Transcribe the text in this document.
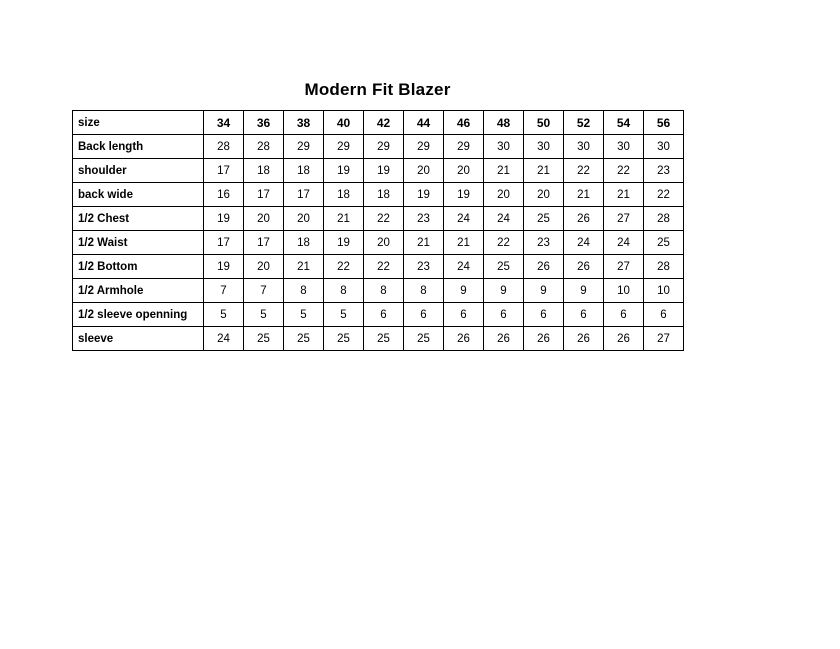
Modern Fit Blazer
size	34	36	38	40	42	44	46	48	50	52	54	56
Back length	28	28	29	29	29	29	29	30	30	30	30	30
shoulder	17	18	18	19	19	20	20	21	21	22	22	23
back wide	16	17	17	18	18	19	19	20	20	21	21	22
1/2 Chest	19	20	20	21	22	23	24	24	25	26	27	28
1/2 Waist	17	17	18	19	20	21	21	22	23	24	24	25
1/2 Bottom	19	20	21	22	22	23	24	25	26	26	27	28
1/2 Armhole	7	7	8	8	8	8	9	9	9	9	10	10
1/2 sleeve openning	5	5	5	5	6	6	6	6	6	6	6	6
sleeve	24	25	25	25	25	25	26	26	26	26	26	27
